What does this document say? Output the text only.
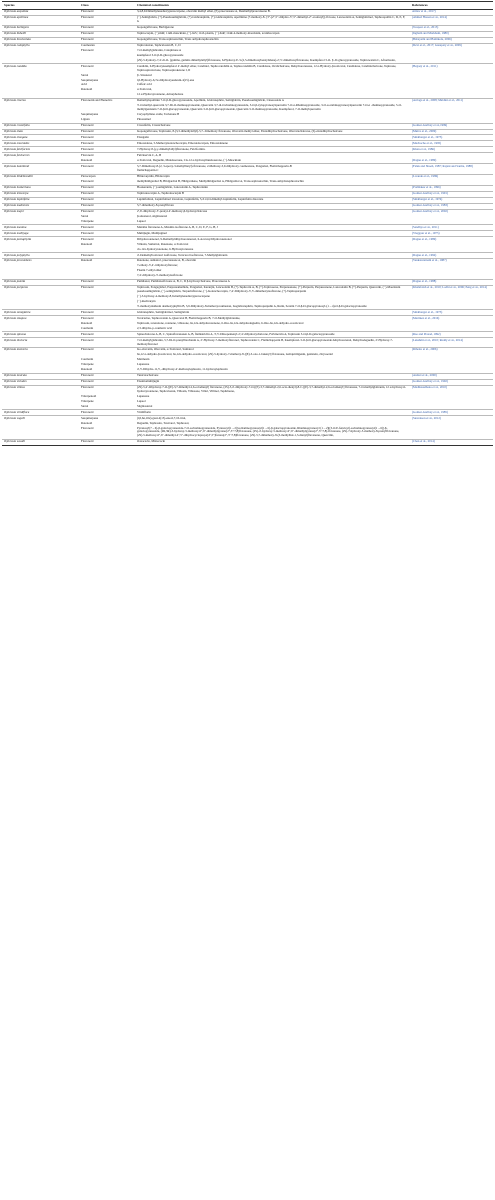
Species	Class	Chemical constituents	References
Tephrosia aequilata	Flavonoid	3,4,8,9-Dimethylenedioxypterocarpene, obovatin methyl ether, (E)-praecansone A, Desmethylpraecansone B.	Atilaw et al., 2017)
Tephrosia apollinea	Flavonoid	(−)-Semiglabrin, (+)-Pseudosemiglabrin, (+)-Glabratephrin, (+)-Glabratephrin, Apollinine (7-methoxy-8- [3"-(2",5"-dihydro-5",5"-dimethyl-2"-oxofuryl)]-flavone, Lanceolatin A, Semiglabrinol, Tephroapollin C, D, E, F, G	(Ahmed Hassan et al., 2014)
Tephrosia barbigera	Flavonoid	Isopongaflavone, Barbigerone	(Touqeer et al., 2013)
Tephrosia bidwilli	Flavonoid	Tephrocarpin, (−)-6aR; 11aR-maackiain, (−)-6aS; 11aS-pisatin, (−)-6aR; 11aR-4-methoxy-maackiain, acanthocarpan	(Ingham and Markham, 1980)
Tephrosia bracteolata	Flavonoid	Isopongaflavone, Trans-tephrostachin, Trans anhydrotephrostachin	(Babayemi and Bamikole, 2006)
Tephrosia calophylla	Coumestan	Tephcalostan, Tephcalostan B, C, D	(Devi et al., 2017; Ganapaty et al., 2009)
	Flavonoid	7-O-methylglabranin, Calophione A	
		kaempferol 3-O-β-D-glucopyranoside	
		(2S)-5-hydroxy-7,4′-di-O- (gamma, gamma dimethylallyl)flavanone, 6-Hydroxy-E-3-(2,5-dimethoxybenzylidene)-2′,5′-dimethoxyflavanone, Kaempferol 3-O- β -D-glucopyranoside, Tephrowatsin C, Afrormosin,	
Tephrosia candida	Flavonoid	Candidin, 6-Hydroxykaempferol 4′-methyl ether, Candidol, Tephrocandidin A, Tephrocandidin B, Candidone, Ovalichalcone, Dehydrorotenone, 12 α-Hydroxy-β-toxicarol, Candidone, Candidachalcone, Tephrone, Tephrospirolactone, Tephroapiroketone I, II	(Hegazy et al., 2011)
	Sterol	β -Sitosterol	
	Sesquiterpene	1β-Hydroxy-6,7α-dihydroxyeudesm-4(15)-ene	
	Acid	Caffeic acid	
	Rotenoid	α-Toxicarol,	
		12 α-Hydroxyrotenone, Amorpholone	
Tephrosia cinerea	Flavonoids and Phenolics	Demethylapollinin 7-O-β-D-glucopyranoside, Apollinin, Globratephrin, Semiglabrin, Pseudosemiglabrin, Cinereoside A	(Arriaga et al., 2008; Maldini et al., 2011)
		3′-O-methyl-quercetin 3,7-Di-O-rhamnopyranoside, Quercetin 3,7-di-O-rhamnopyranoside, 3-O-β-xylopyranosylquercetin 7-O-α-Rhamnopyranoside, 3-O-α-arabinopyranosylquercetin 7-O-α -rhamnopyranoside, 5-O-methylgenistein 7-O-β-D-glucopyranoside, Quercetin 3-O-β-D-glucopyranoside, Quercetin 3-O-rhamnopyranoside, Kaempferol, 7-O-methylquercetin	
	Sesquiterpene	Caryophyllene oxide, Teclenone B	
	Lignan	Pinoresinol	
Tephrosia crassifolia	Flavonoid	Crassifolin, Crassichalcone	(Gomez-Garibay et al.,1999)
Tephrosia elata	Flavonoid	Isopongaflavone, Tephrosin, 8-(3,3-dimethylallyl)-5,7- dimethoxy flavanone, Obovatin methyl ether, Elatadihydrochalcone, Obovatachalcone, (S)-elatadihydrochalcone	(Muiva et al., 2009)
Tephrosia elongata	Flavonoid	Elongatin	(Smalberger et al., 1975)
Tephrosia emoroides	Flavonoid	Emoroidone, 5-Methoxyisolonchocarpin, Emoroidocarpan, Emoroidenone	(Machocho et al., 1995)
Tephrosia falciformis	Flavonoid	7-Hydroxy-8-(γ,γ-dimethylallyl)flavanone, Falciformin.	(Khan et al., 1986)
Tephrosia fulvinervis	Flavonoid	Fulvinervin C, A, B	
	Rotenoid	α-Toxicarol, Deguelin, Mundoserone, Cis-12 α-hydroxymundoserone, (−)-Maackiain	(Dagne et al., 1989)
Tephrosia hamiltonii	Flavonoid	5,7-Dimethoxy-8-(2, 3-epoxy-3-methylbutyl)-flavanone, 2-Methoxy-3,9-dihydroxy coumestone, Pongamol, Flemichapparin-B	(Falak and Shoeb, 1987; Rajani and Sarma, 1988)
		flemichapparin-C	
Tephrosia hildebrandtii	Pterocarpan	Hildecarpidin, Hildecarpin	(Lwande et al., 1986)
	Flavonoid	methylhildgardtol B, Hildgardtol B, Hildgardtene, Methylhildgardtol A, Hildgardtol A, Trans-tephrostachin, Trans-anhydrotephrostachin	
Tephrosia hookeriana	Flavonoid	Hookeranin, (−)-semiglabrin, Lanceolatin A, Tephrorianin	(Prabhakar et al., 1996)
Tephrosia leiocarpa	Flavonoid	Tephroleocarpin A, Tephroleocarpin B	(Gomez-Garibay et al., 1991)
Tephrosia lupinifolia	Flavonoid	Lupinifolinol, Lupinifolinol triacetate, Lupinifolin, 5,4′-O,O-dimethyl-lupinifolin, Lupinifolin diacetate	(Smalberger et al., 1974)
Tephrosia madrensis	Flavonoid	5,7-dimethoxy-8-prenylflavan	(Gomez-Garibay et al., 1983)
Tephrosia major	Flavonoid	2′,6′-dihydroxy-3′-prenyl-4′-methoxy-β-hydroxychalcone	(Gomez-Garibay et al., 2002)
	Sterol	β-sitosterol, stigmasterol	
	Triterpene	Lupeol	
Tephrosia maxima	Flavonoid	Maxima flavanone A, Maxima isoflavone A, B, C, D, E, F, G, H, J	(Sandhya et al., 2011)
Tephrosia multijuga	Flavonoid	Multijugin, Multijuginol	(Vleggaar et al., 1975)
Tephrosia pentaphylla	Flavonoid	Dihydrorotenonol, 9-Demethyldihydrorotenonol, 6-Acetoxydihydrorotenonol	(Dagne et al., 1989)
	Rotenoid	Villosin, Sumatrol, Rotenone, α-Toxicarol	
		cis-12a-hydroxyrotenone, 6-Hydroxyrotenone	
Tephrosia polyphylla	Flavonoid	4′-Demethyltoxicarol isoflavone, Toxicarol isoflavone, 7-Methylglabranin	(Dagne et al., 1992)
Tephrosia procumbens	Rotenoid	Rotenone, sumatrol, praecansone A, B, obovatin	(Venkataratnam et al., 1987)
		7-ethoxy-3′,4′-trihydroxyflavone;	
		Fisetin 7-ethyl ether	
		7,4′-dihydroxy-3′-methoxyisoflavone	
Tephrosia pumila	Flavonoid	Pumilanol, Pumilaisoflavone A, B, C, D β-hydroxychalcone, Praecansone A	(Dagne et al., 1988)
Tephrosia purpurea	Flavonoid	Tephrosin, Pongaglabol, Purpureamethide, Pongamol, Karanjin, Lanceolatin B, (+)-Tephrorin A, B, (+)-Tephrosone, Purpureanone, (+)-Purpurin, Purpureanone, Lanceolatin B, (+)-Purpurin, Quercetin, (−)-Maackiain pseudosemiglabrin, (−)-semiglabrin, Terpurinflavone, (−)-Isolonchocarpin, 7,4′-Dihydroxy-3′,5′-dimethoxyisoflavone, (+)-Tephropurpurin	(Khalafalah et al., 2010; Lodhi et al., 2006; Peng et al., 2014)
		(−)-3-hydroxy-4-methoxy-8,9-methylenedioxypterocarpene	
		(−)-medicarpin	
		3′-methoxydaidzein desmoxyphyllin B, 3,9-Dihydroxy-8-methoxycoumestan, Isoglabratephrin, Tephropurpulin A, Rutin, Seratin 7-O-β-D-glucopyranosyl-(1→4)-O-β-D-galactopyranoside	
Tephrosia semiglabra	Flavonoid	Glabratephrin, Semiglabrinol, Semiglabrin	(Smalberger et al., 1973)
Tephrosia sinapou	Flavonoid	Toxicarine, Tephrowatsin A, Quercetol B, Flemichapparin B, 7-O-Methylglabranine,	(Martinez et al., 2016)
	Rotenoid	Tephrosin, rotenolone, rotenone, villosone, 6a,12a-dehydrorotenone, 6-Oxo-6a,12a-dehydrodeguelin, 6-Oxo-6a,12a-dehydro-α-toxicarol	
	Coumarin	2,3-dihydro-p-coumaric acid	
Tephrosia spinosa	Flavonoid	Spinochalcone A, B, C, Spinoflavanonen A, B, flemistrictin A, 3′,5′-Diisopentenyl-2′,4′-dihydroxychalcone, Fulvinervin A, Tephrosin 3-O-β-D-galactopyranoside	(Rao and Prasad, 1992)
Tephrosia tinctoria	Flavonoid	7-O-methylglabranin, 5,7-Di-O-prenylbiochanin A, 2′-Hydroxy-7-methoxyflavonol, Tephrowatsin C, Flemichapparin B, Kaempferol-3-O-β-D-glucopyranoside dehydrorotenol, Dehydrodeguelin, 2'-Hydroxy-7-methoxyflavonol	(Lakshmi et al., 2010; Reddy et al., 2014)
Tephrosia toxicaria	Flavonoid	Iso-obovatin, Obovatin, α-Toxicarol, Sumatrol	(Ribeiro et al., 2006)
		6a,12 α-dehydro-β-toxicarol, 6a,12a-dehydro-α-toxicarol, (2S)-5-hydroxy-7-methoxy-8-[(E)-3-oxo-1-butenyl] flavanone, isoliquiritigenin, genistein, chrysoeriol	
	Coumarin	Marmesin	
	Triterpene	Lupenone	
	Rotenoid	4′,5′-Dihydro-11,5′,-dihydroxy-4′-methoxytephrosin, 11-hydroxytephrosin	
Tephrosia tunicata	Flavonoid	Tunicatachalcone	(Andrei et al., 2000)
Tephrosia viciodes	Flavonoid	Enantiomultijugin	(Gomez-Garibay et al., 1992)
Tephrosia villosa	Flavonoid	(2S)-5,4′-dihydroxy-7-O-[(E)-3,7-dimethyl-2,6-octadienyl] flavanone, (2S)-5,4′-dihydroxy-7-O-[(E)-3,7-dimethyl-2,6-octa-dienyl]-8-C-[(E)-3,7-dimethyl-2,6-octadienyl] flavanone, 7-O-methylglabranin, 12 α-hydroxy-6-hydroxyrotenone, Tephcalostan, Villosin, Villosone, Villol, Villinol, Tephrinone,	(Madhusudhana et al., 2010)
	Triterpenoid	Lupenone	
	Triterpene	Lupeol	
	Sterol	Stigmasterol	
Tephrosia viridiflora	Flavonoid	Viridiflorin	(Gomez-Garibay et al., 1985)
Tephrosia vogelii	Sesquiterpene	(1β,6α,10α)-guai-4(15)-ene-6,7,10-triol,	(Stevenson et al., 2012)
	Rotenoid	Deguelin, Tephrosin, Toxicarol, Tephrosol,	
	Flavonoid	Pyranosyl(7→6)-β-galactopyranoside-7-O-α-rhamnopyranoside, Pyranosyl(1→2)[α-rhamnopyranosyl(1→6)-β-galactopyranoside, Rhamnopyranosyl (1→2)[(3-O-E-feruloyl)-α-rhamnopyranosyl(1→6)]-β-galactopyranoside, (2R,3R)-3-hydroxy-5-methoxy-6″,6″-dimethylpyrano[2″,3″:7,8]flavanone, (2S)-4′-hydroxy-5-methoxy-6″,6″-dimethylpyrano[2″,3″:7,8]-flavanone, (2S)-7-hydroxy-5-methoxy-8-prenylflavanone, (2S)-5-methoxy-6″,6″-dimethyl-4″,5″-dihydrocyclopropa[4″,5″]furano[2″,3″:7,8]flavanone, (2S)-5,7-dimethoxy-8-(3-methylbut-1,3-dienyl)flavanone, Quercitin,	
Tephrosia woodii	Flavonoid	Oaxacacin, Mixtecacin	(Chen et al., 2014)
